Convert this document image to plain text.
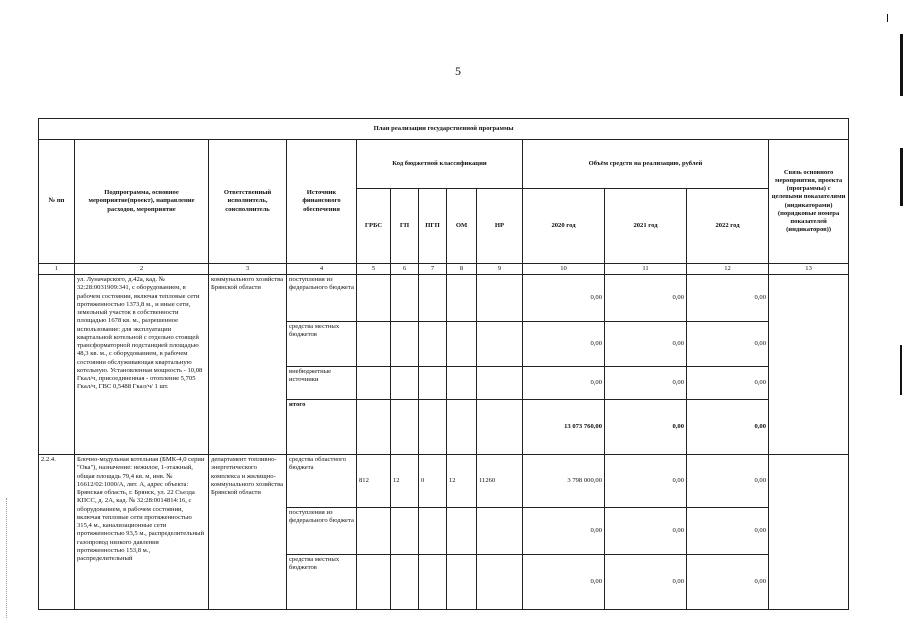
5
План реализации государственной программы												
№ пп	Подпрограмма, основное мероприятие(проект), направление расходов, мероприятие	Ответственный исполнитель, соисполнитель	Источник финансового обеспечения	Код бюджетной классификации					Объём средств на реализацию, рублей			Связь основного мероприятия, проекта (программы) с целевыми показателями (индикаторами) (порядковые номера показателей (индикаторов))
				ГРБС	ГП	ПГП	ОМ	НР	2020 год	2021 год	2022 год	
1	2	3	4	5	6	7	8	9	10	11	12	13
	ул. Луначарского, д.42а, кад. № 32:28:0031909:341, с оборудованием, в рабочем состоянии, включая тепловые сети протяженностью 1373,8 м., и иные сети, земельный участок в собственности площадью 1678 кв. м., разрешенное использование: для эксплуатации квартальной котельной с отдельно стоящей трансформаторной подстанцией площадью 48,3 кв. м., с оборудованием, в рабочем состоянии обслуживающая квартальную котельную. Установленная мощность - 10,08 Гкал/ч, присоединенная - отопление 5,705 Гкал/ч, ГВС 0,5488 Гкал/ч/ 1 шт.	коммунального хозяйства Брянской области	поступления из федерального бюджета						0,00	0,00	0,00	
			средства местных бюджетов						0,00	0,00	0,00	
			внебюджетные источники						0,00	0,00	0,00	
			итого						13 073 760,00	0,00	0,00	
2.2.4.	Блочно-модульная котельная (БМК-4,0 серии "Ока"), назначение: нежилое, 1-этажный, общая площадь 79,4 кв. м, инв. № 16612/02:1000/А, лит. А, адрес объекта: Брянская область, г. Брянск, ул. 22 Съезда КПСС, д. 2А, кад. № 32:28:0014814:16, с оборудованием, в рабочем состоянии, включая тепловые сети протяженностью 315,4 м., канализационные сети протяженностью 93,5 м., распределительный газопровод низкого давления протяженностью 153,8 м., распределительный	департамент топливно-энергетического комплекса и жилищно-коммунального хозяйства Брянской области	средства областного бюджета	812	12	0	12	11260	3 798 000,00	0,00	0,00	
			поступления из федерального бюджета						0,00	0,00	0,00	
			средства местных бюджетов						0,00	0,00	0,00	
